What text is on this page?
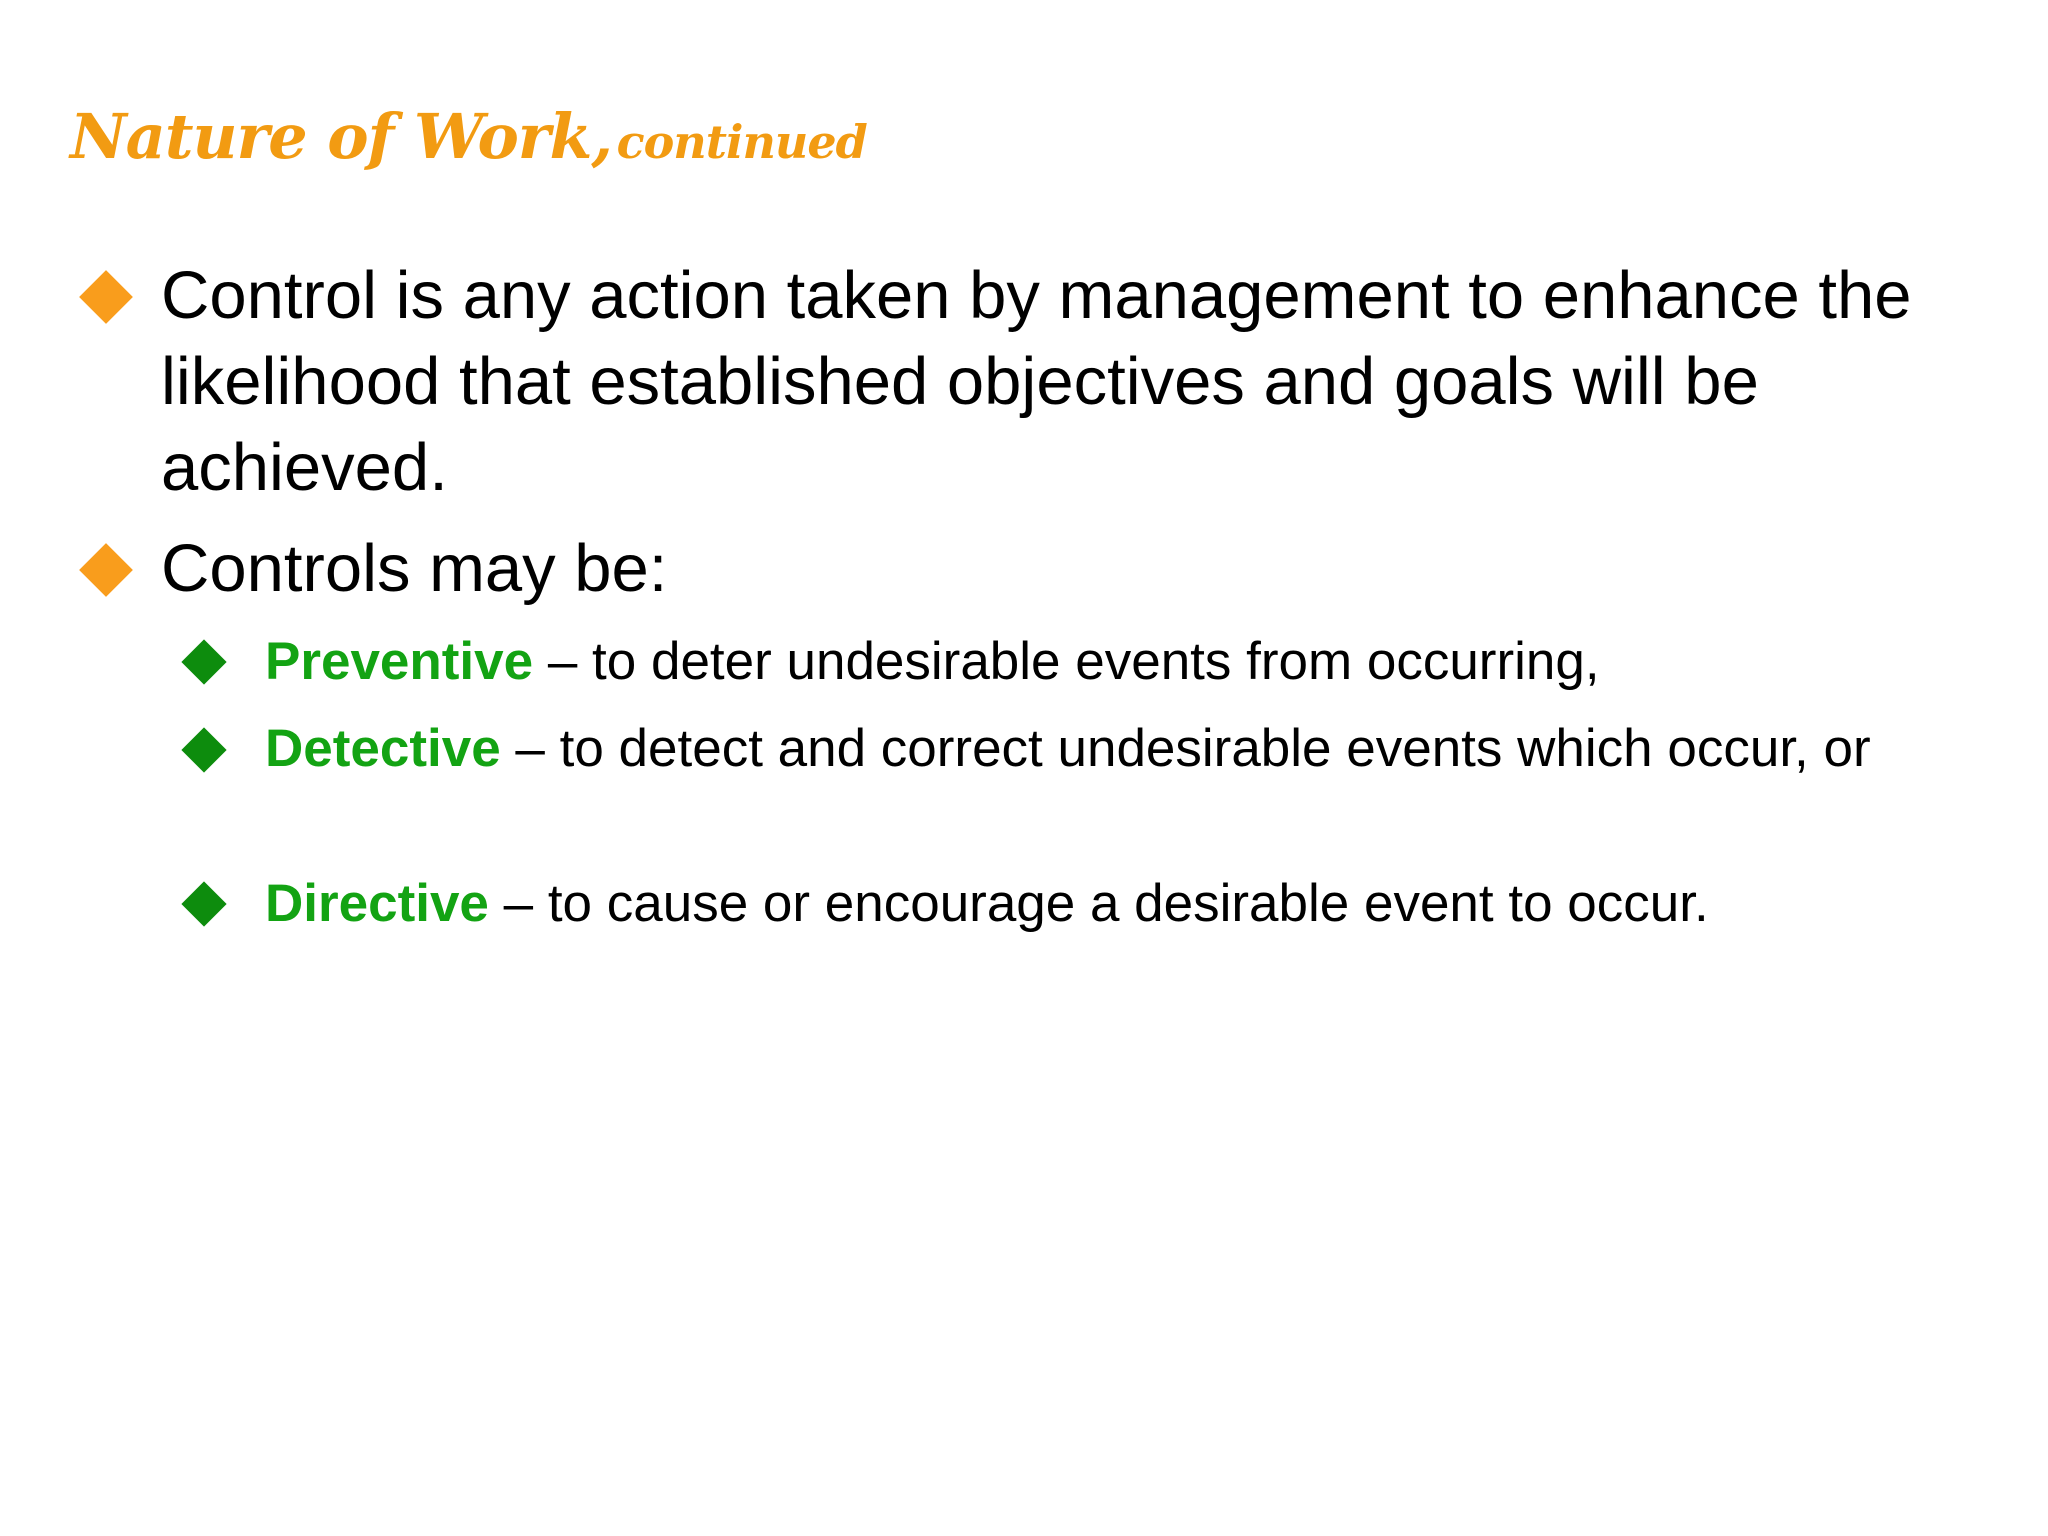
Nature of Work, continued
Control is any action taken by management to enhance the likelihood that established objectives and goals will be achieved.
Controls may be:
Preventive – to deter undesirable events from occurring,
Detective – to detect and correct undesirable events which occur, or
Directive – to cause or encourage a desirable event to occur.
